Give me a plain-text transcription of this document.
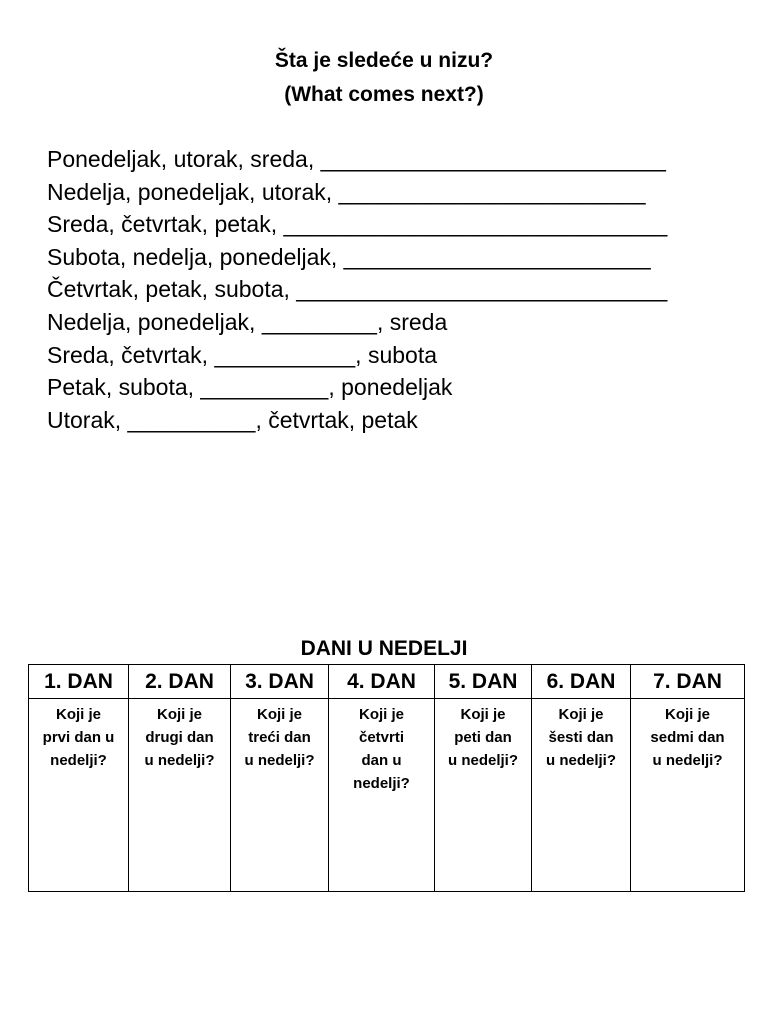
Šta je sledeće u nizu?
(What comes next?)
Ponedeljak, utorak, sreda, ___________________________
Nedelja, ponedeljak, utorak, ________________________
Sreda, četvrtak, petak, ______________________________
Subota, nedelja, ponedeljak, ________________________
Četvrtak, petak, subota, _____________________________
Nedelja, ponedeljak, _________, sreda
Sreda, četvrtak, ___________, subota
Petak, subota, __________, ponedeljak
Utorak, __________, četvrtak, petak
DANI U NEDELJI
1. DAN	2. DAN	3. DAN	4. DAN	5. DAN	6. DAN	7. DAN

Koji je
prvi dan u
nedelji?	Koji je
drugi dan
u nedelji?	Koji je
treći dan
u nedelji?	Koji je
četvrti
dan u
nedelji?	Koji je
peti dan
u nedelji?	Koji je
šesti dan
u nedelji?	Koji je
sedmi dan
u nedelji?
